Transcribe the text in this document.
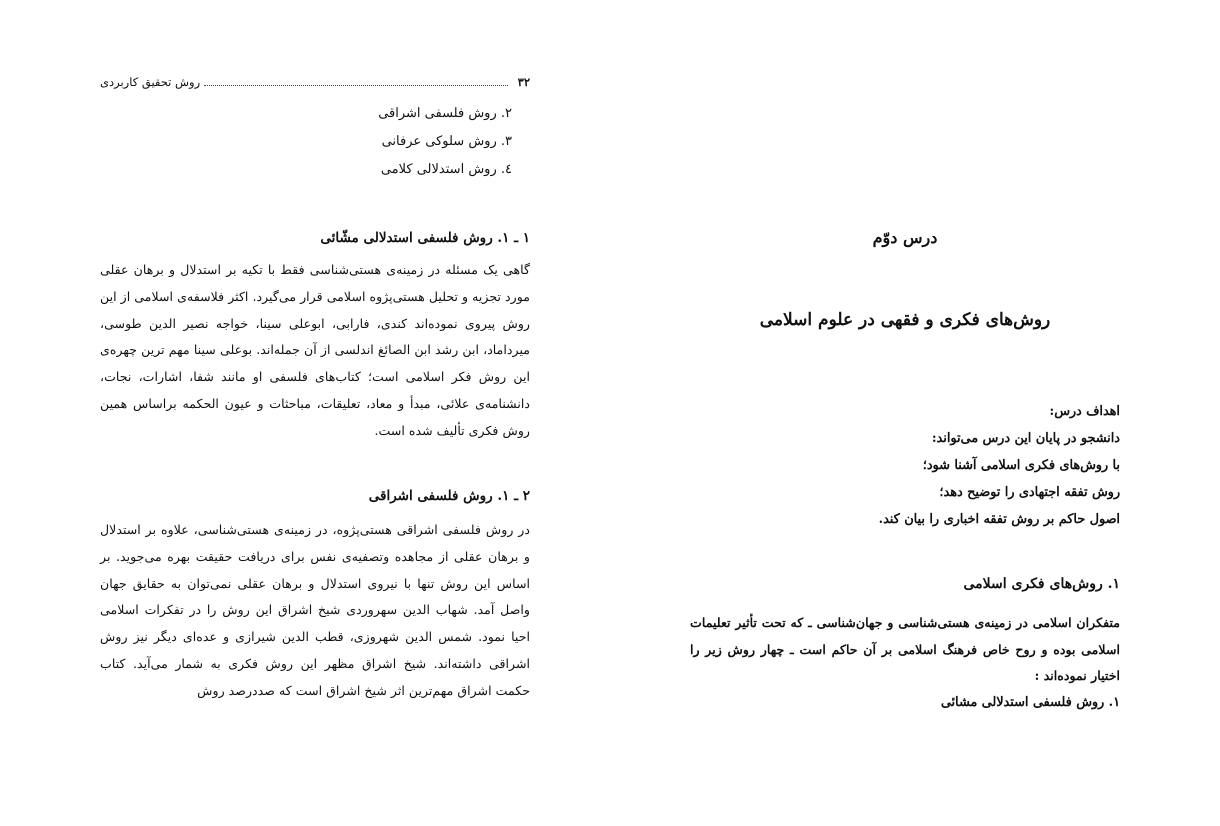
۳۲
روش تحقیق کاربردی
۲. روش فلسفی اشراقی
۳. روش سلوکی عرفانی
٤. روش استدلالی کلامی
۱ ـ ۱. روش فلسفی استدلالی مشّائی

گاهی یک مسئله در زمینه‌ی هستی‌شناسی فقط با تکیه بر استدلال و برهان عقلی مورد تجزیه و تحلیل هستی‌پژوه اسلامی قرار می‌گیرد. اکثر فلاسفه‌ی اسلامی از این روش پیروی نموده‌اند کندی، فارابی، ابوعلی سینا، خواجه نصیر الدین طوسی، میرداماد، ابن رشد ابن الصائغ اندلسی از آن جمله‌اند. بوعلی سینا مهم ترین چهره‌ی این روش فکر اسلامی است؛ کتاب‌های فلسفی او مانند شفا، اشارات، نجات، دانشنامه‌ی علائی، مبدأ و معاد، تعلیقات، مباحثات و عیون الحکمه براساس همین روش فکری تألیف شده است.

۲ ـ ۱. روش فلسفی اشراقی

در روش فلسفی اشراقی هستی‌پژوه، در زمینه‌ی هستی‌شناسی، علاوه بر استدلال و برهان عقلی از مجاهده وتصفیه‌ی نفس برای دریافت حقیقت بهره می‌جوید. بر اساس این روش تنها با نیروی استدلال و برهان عقلی نمی‌توان به حقایق جهان واصل آمد. شهاب الدین سهروردی شیخ اشراق این روش را در تفکرات اسلامی احیا نمود. شمس الدین شهروزی، قطب الدین شیرازی و عده‌ای دیگر نیز روش اشراقی داشته‌اند. شیخ اشراق مظهر این روش فکری به شمار می‌آید. کتاب حکمت اشراق مهم‌ترین اثر شیخ اشراق است که صددرصد روش

درس دوّم
روش‌های فکری و فقهی در علوم اسلامی
اهداف درس:
دانشجو در پایان این درس می‌تواند:
با روش‌های فکری اسلامی آشنا شود؛
روش تفقه اجتهادی را توضیح دهد؛
اصول حاکم بر روش تفقه اخباری را بیان کند.
۱. روش‌های فکری اسلامی

متفکران اسلامی در زمینه‌ی هستی‌شناسی و جهان‌شناسی ـ که تحت تأثیر تعلیمات اسلامی بوده و روح خاص فرهنگ اسلامی بر آن حاکم است ـ چهار روش زیر را اختیار نموده‌اند :

۱. روش فلسفی استدلالی مشائی
